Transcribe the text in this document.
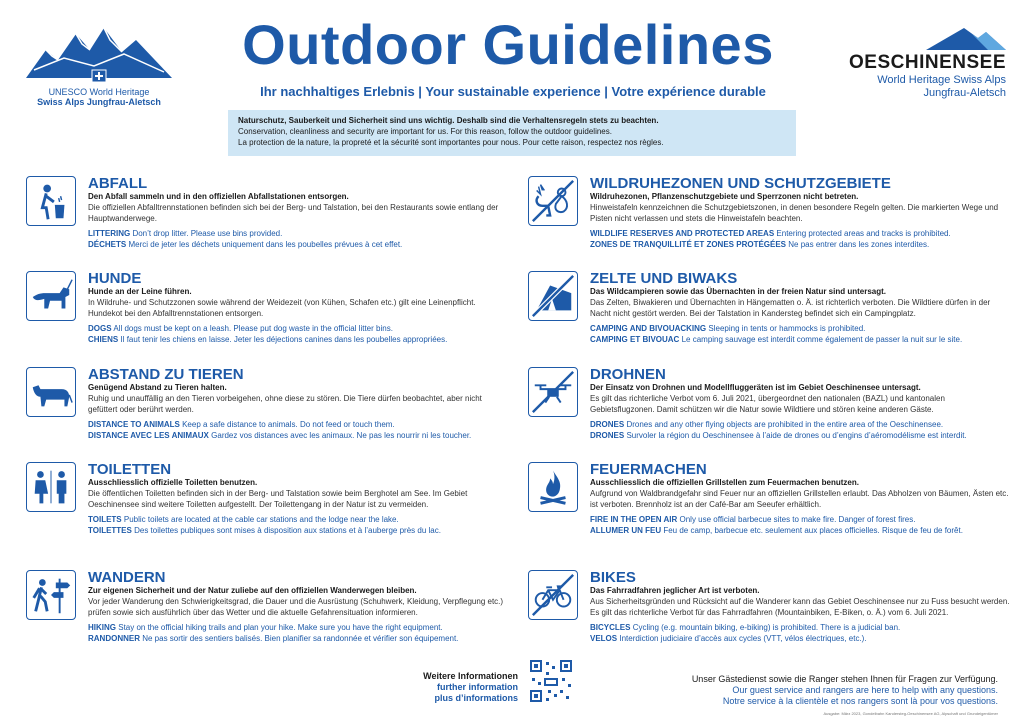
UNESCO World Heritage
Swiss Alps Jungfrau-Aletsch
Outdoor Guidelines
Ihr nachhaltiges Erlebnis | Your sustainable experience | Votre expérience durable
OESCHINENSEE
World Heritage Swiss Alps
Jungfrau-Aletsch
Naturschutz, Sauberkeit und Sicherheit sind uns wichtig. Deshalb sind die Verhaltensregeln stets zu beachten.
Conservation, cleanliness and security are important for us. For this reason, follow the outdoor guidelines.
La protection de la nature, la propreté et la sécurité sont importantes pour nous. Pour cette raison, respectez nos règles.
ABFALL
Den Abfall sammeln und in den offiziellen Abfallstationen entsorgen.
Die offiziellen Abfalltrennstationen befinden sich bei der Berg- und Talstation, bei den Restaurants sowie entlang der Hauptwanderwege.
LITTERING Don’t drop litter. Please use bins provided.
DÉCHETS Merci de jeter les déchets uniquement dans les poubelles prévues à cet effet.
HUNDE
Hunde an der Leine führen.
In Wildruhe- und Schutzzonen sowie während der Weidezeit (von Kühen, Schafen etc.) gilt eine Leinenpflicht. Hundekot bei den Abfalltrennstationen entsorgen.
DOGS All dogs must be kept on a leash. Please put dog waste in the official litter bins.
CHIENS Il faut tenir les chiens en laisse. Jeter les déjections canines dans les poubelles appropriées.
ABSTAND ZU TIEREN
Genügend Abstand zu Tieren halten.
Ruhig und unauffällig an den Tieren vorbeigehen, ohne diese zu stören. Die Tiere dürfen beobachtet, aber nicht gefüttert oder berührt werden.
DISTANCE TO ANIMALS Keep a safe distance to animals. Do not feed or touch them.
DISTANCE AVEC LES ANIMAUX Gardez vos distances avec les animaux. Ne pas les nourrir ni les toucher.
TOILETTEN
Ausschliesslich offizielle Toiletten benutzen.
Die öffentlichen Toiletten befinden sich in der Berg- und Talstation sowie beim Berghotel am See. Im Gebiet Oeschinensee sind weitere Toiletten aufgestellt. Der Toilettengang in der Natur ist zu vermeiden.
TOILETS Public toilets are located at the cable car stations and the lodge near the lake.
TOILETTES Des toilettes publiques sont mises à disposition aux stations et à l’auberge près du lac.
WANDERN
Zur eigenen Sicherheit und der Natur zuliebe auf den offiziellen Wanderwegen bleiben.
Vor jeder Wanderung den Schwierigkeitsgrad, die Dauer und die Ausrüstung (Schuhwerk, Kleidung, Verpflegung etc.) prüfen sowie sich ausführlich über das Wetter und die aktuelle Gefahrensituation informieren.
HIKING Stay on the official hiking trails and plan your hike. Make sure you have the right equipment.
RANDONNER Ne pas sortir des sentiers balisés. Bien planifier sa randonnée et vérifier son équipement.
WILDRUHEZONEN UND SCHUTZGEBIETE
Wildruhezonen, Pflanzenschutzgebiete und Sperrzonen nicht betreten.
Hinweistafeln kennzeichnen die Schutzgebietszonen, in denen besondere Regeln gelten. Die markierten Wege und Pisten nicht verlassen und stets die Hinweistafeln beachten.
WILDLIFE RESERVES AND PROTECTED AREAS Entering protected areas and tracks is prohibited.
ZONES DE TRANQUILLITÉ ET ZONES PROTÉGÉES Ne pas entrer dans les zones interdites.
ZELTE UND BIWAKS
Das Wildcampieren sowie das Übernachten in der freien Natur sind untersagt.
Das Zelten, Biwakieren und Übernachten in Hängematten o. Ä. ist richterlich verboten. Die Wildtiere dürfen in der Nacht nicht gestört werden. Bei der Talstation in Kandersteg befindet sich ein Campingplatz.
CAMPING AND BIVOUACKING Sleeping in tents or hammocks is prohibited.
CAMPING ET BIVOUAC Le camping sauvage est interdit comme également de passer la nuit sur le site.
DROHNEN
Der Einsatz von Drohnen und Modellfluggeräten ist im Gebiet Oeschinensee untersagt.
Es gilt das richterliche Verbot vom 6. Juli 2021, übergeordnet den nationalen (BAZL) und kantonalen Gebietsflugzonen. Damit schützen wir die Natur sowie Wildtiere und stören keine anderen Gäste.
DRONES Drones and any other flying objects are prohibited in the entire area of the Oeschinensee.
DRONES Survoler la région du Oeschinensee à l’aide de drones ou d’engins d’aéromodélisme est interdit.
FEUERMACHEN
Ausschliesslich die offiziellen Grillstellen zum Feuermachen benutzen.
Aufgrund von Waldbrandgefahr sind Feuer nur an offiziellen Grillstellen erlaubt. Das Abholzen von Bäumen, Ästen etc. ist verboten. Brennholz ist an der Café-Bar am Seeufer erhältlich.
FIRE IN THE OPEN AIR Only use official barbecue sites to make fire. Danger of forest fires.
ALLUMER UN FEU Feu de camp, barbecue etc. seulement aux places officielles. Risque de feu de forêt.
BIKES
Das Fahrradfahren jeglicher Art ist verboten.
Aus Sicherheitsgründen und Rücksicht auf die Wanderer kann das Gebiet Oeschinensee nur zu Fuss besucht werden. Es gilt das richterliche Verbot für das Fahrradfahren (Mountainbiken, E-Biken, o. Ä.) vom 6. Juli 2021.
BICYCLES Cycling (e.g. mountain biking, e-biking) is prohibited. There is a judicial ban.
VELOS Interdiction judiciaire d’accès aux cycles (VTT, vélos électriques, etc.).
Weitere Informationen
further information
plus d’informations
Unser Gästedienst sowie die Ranger stehen Ihnen für Fragen zur Verfügung.
Our guest service and rangers are here to help with any questions.
Notre service à la clientèle et nos rangers sont là pour vos questions.
Ausgabe: März 2023, Gondelbahn Kandersteg-Oeschinensee AG, Alpschaft und Grundeigentümer
